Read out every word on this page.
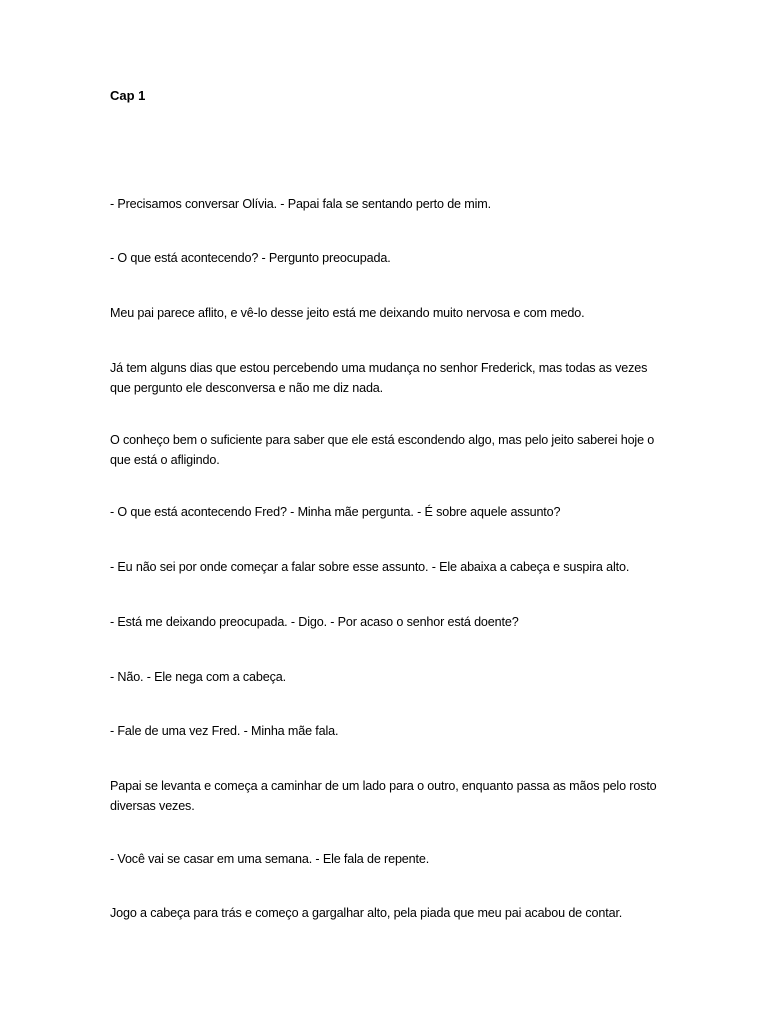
Cap 1

- Precisamos conversar Olívia. - Papai fala se sentando perto de mim.

- O que está acontecendo? - Pergunto preocupada.

Meu pai parece aflito, e vê-lo desse jeito está me deixando muito nervosa e com medo.

Já tem alguns dias que estou percebendo uma mudança no senhor Frederick, mas todas as vezes que pergunto ele desconversa e não me diz nada.

O conheço bem o suficiente para saber que ele está escondendo algo, mas pelo jeito saberei hoje o que está o afligindo.

- O que está acontecendo Fred? - Minha mãe pergunta. - É sobre aquele assunto?

- Eu não sei por onde começar a falar sobre esse assunto. - Ele abaixa a cabeça e suspira alto.

- Está me deixando preocupada. - Digo. - Por acaso o senhor está doente?

- Não. - Ele nega com a cabeça.

- Fale de uma vez Fred. - Minha mãe fala.

Papai se levanta e começa a caminhar de um lado para o outro, enquanto passa as mãos pelo rosto diversas vezes.

- Você vai se casar em uma semana. - Ele fala de repente.

Jogo a cabeça para trás e começo a gargalhar alto, pela piada que meu pai acabou de contar.
